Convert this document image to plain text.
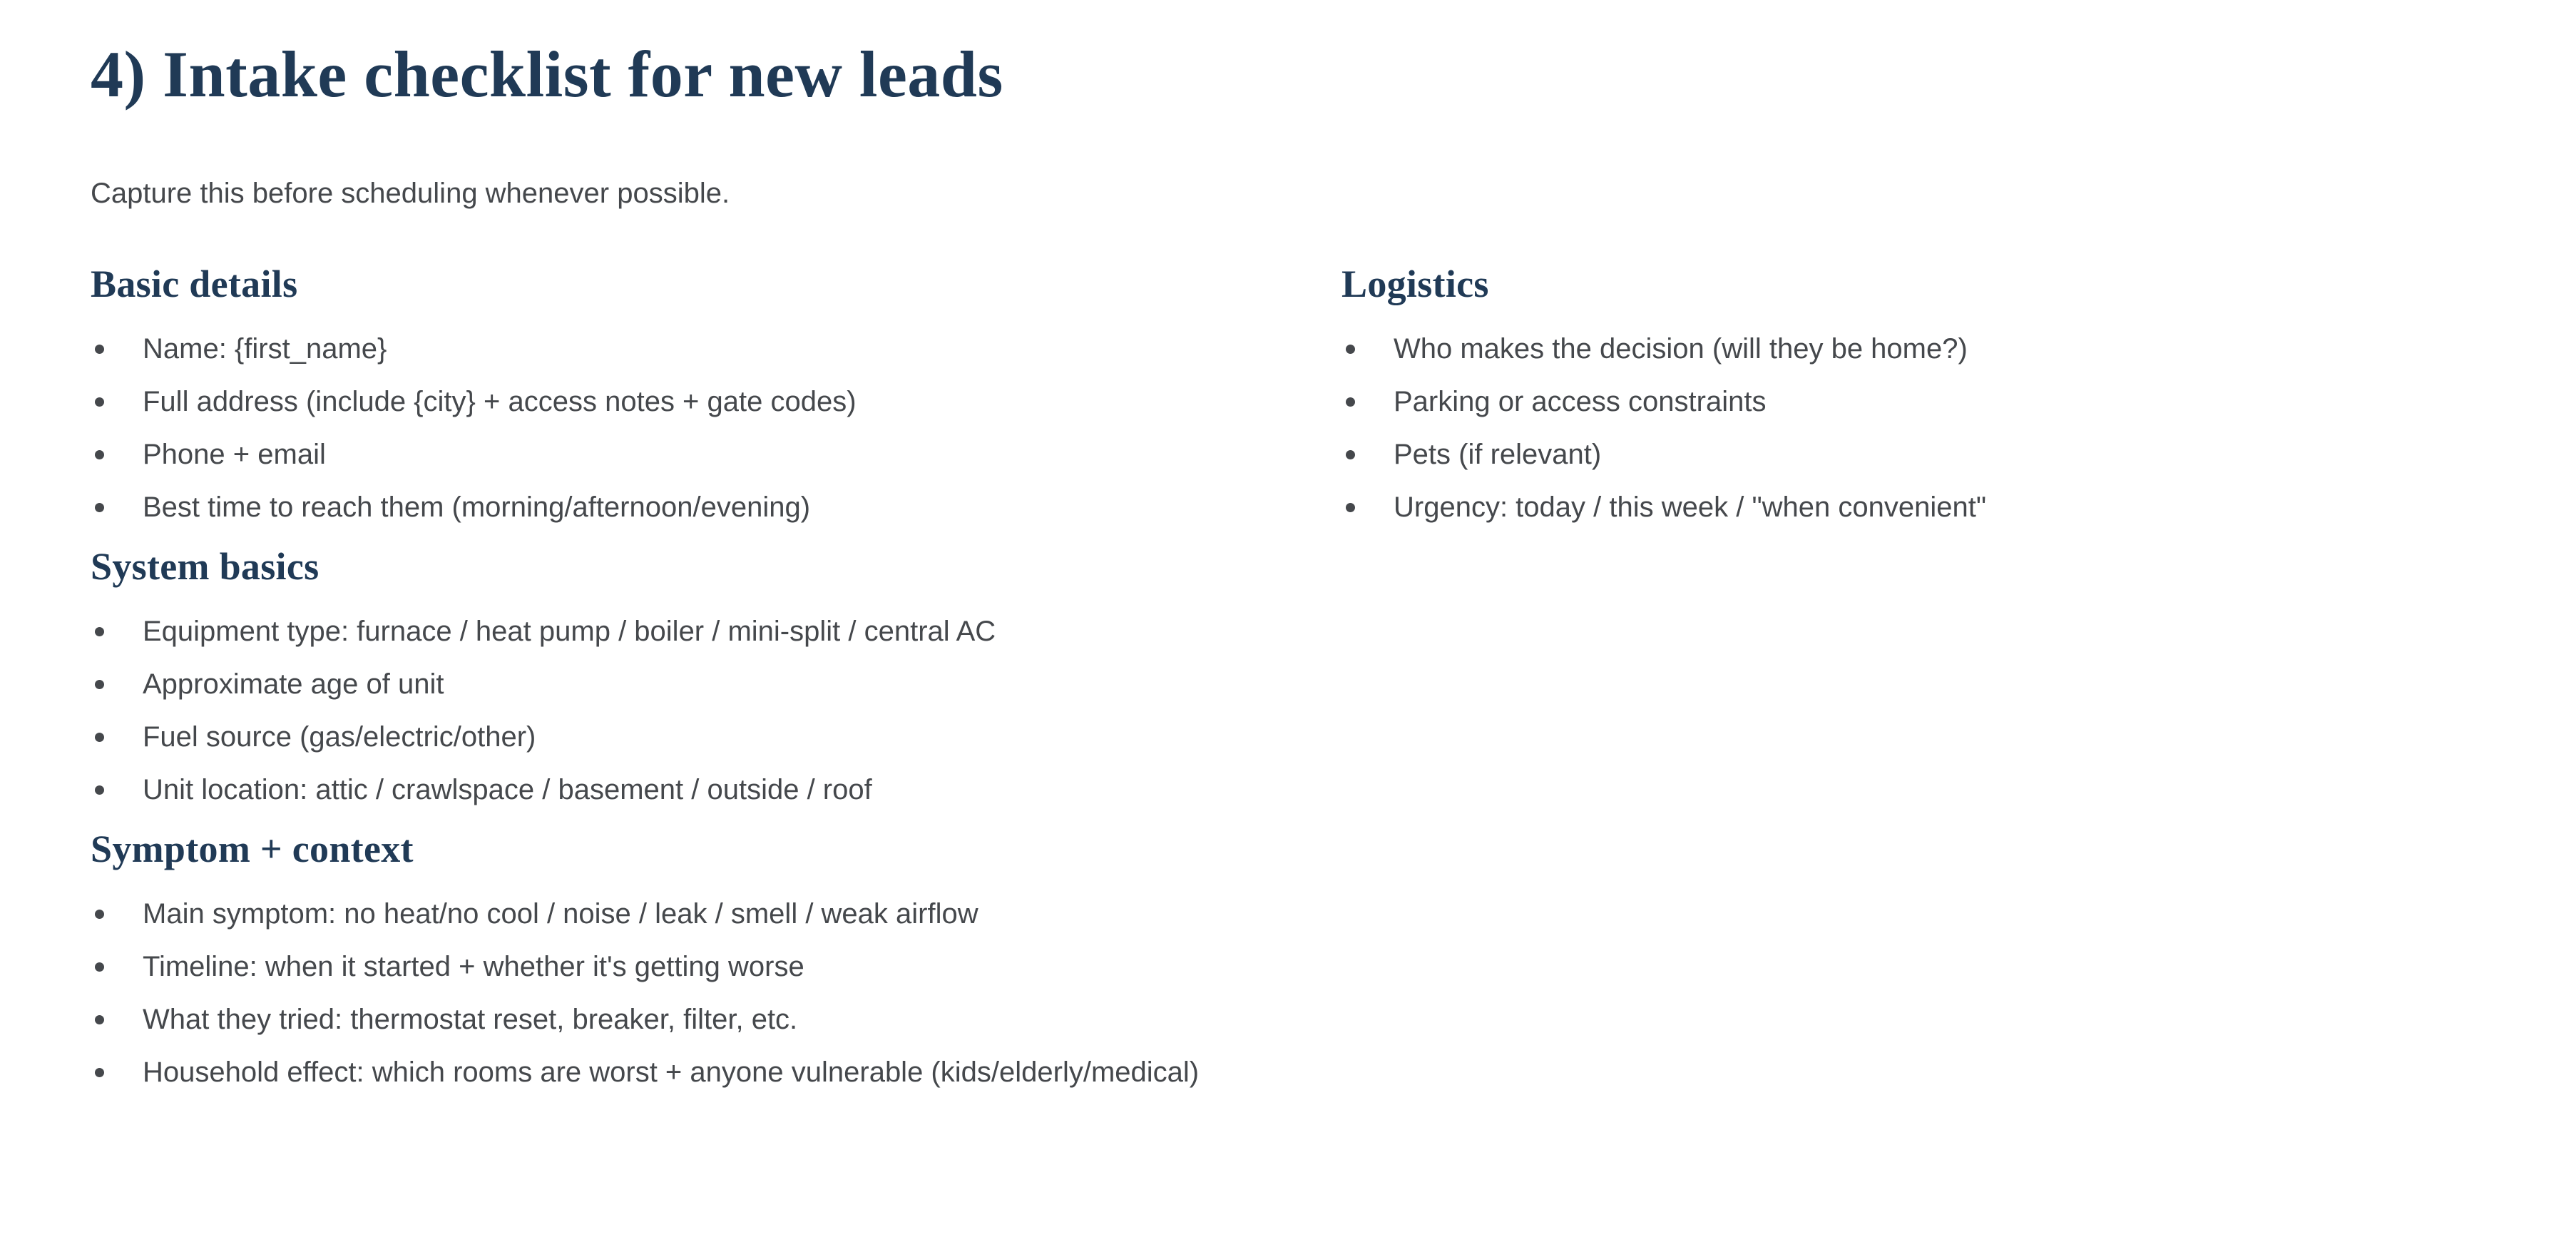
4) Intake checklist for new leads

Capture this before scheduling whenever possible.

Basic details
Name: {first_name}
Full address (include {city} + access notes + gate codes)
Phone + email
Best time to reach them (morning/afternoon/evening)
System basics
Equipment type: furnace / heat pump / boiler / mini-split / central AC
Approximate age of unit
Fuel source (gas/electric/other)
Unit location: attic / crawlspace / basement / outside / roof
Symptom + context
Main symptom: no heat/no cool / noise / leak / smell / weak airflow
Timeline: when it started + whether it's getting worse
What they tried: thermostat reset, breaker, filter, etc.
Household effect: which rooms are worst + anyone vulnerable (kids/elderly/medical)
Logistics
Who makes the decision (will they be home?)
Parking or access constraints
Pets (if relevant)
Urgency: today / this week / "when convenient"
